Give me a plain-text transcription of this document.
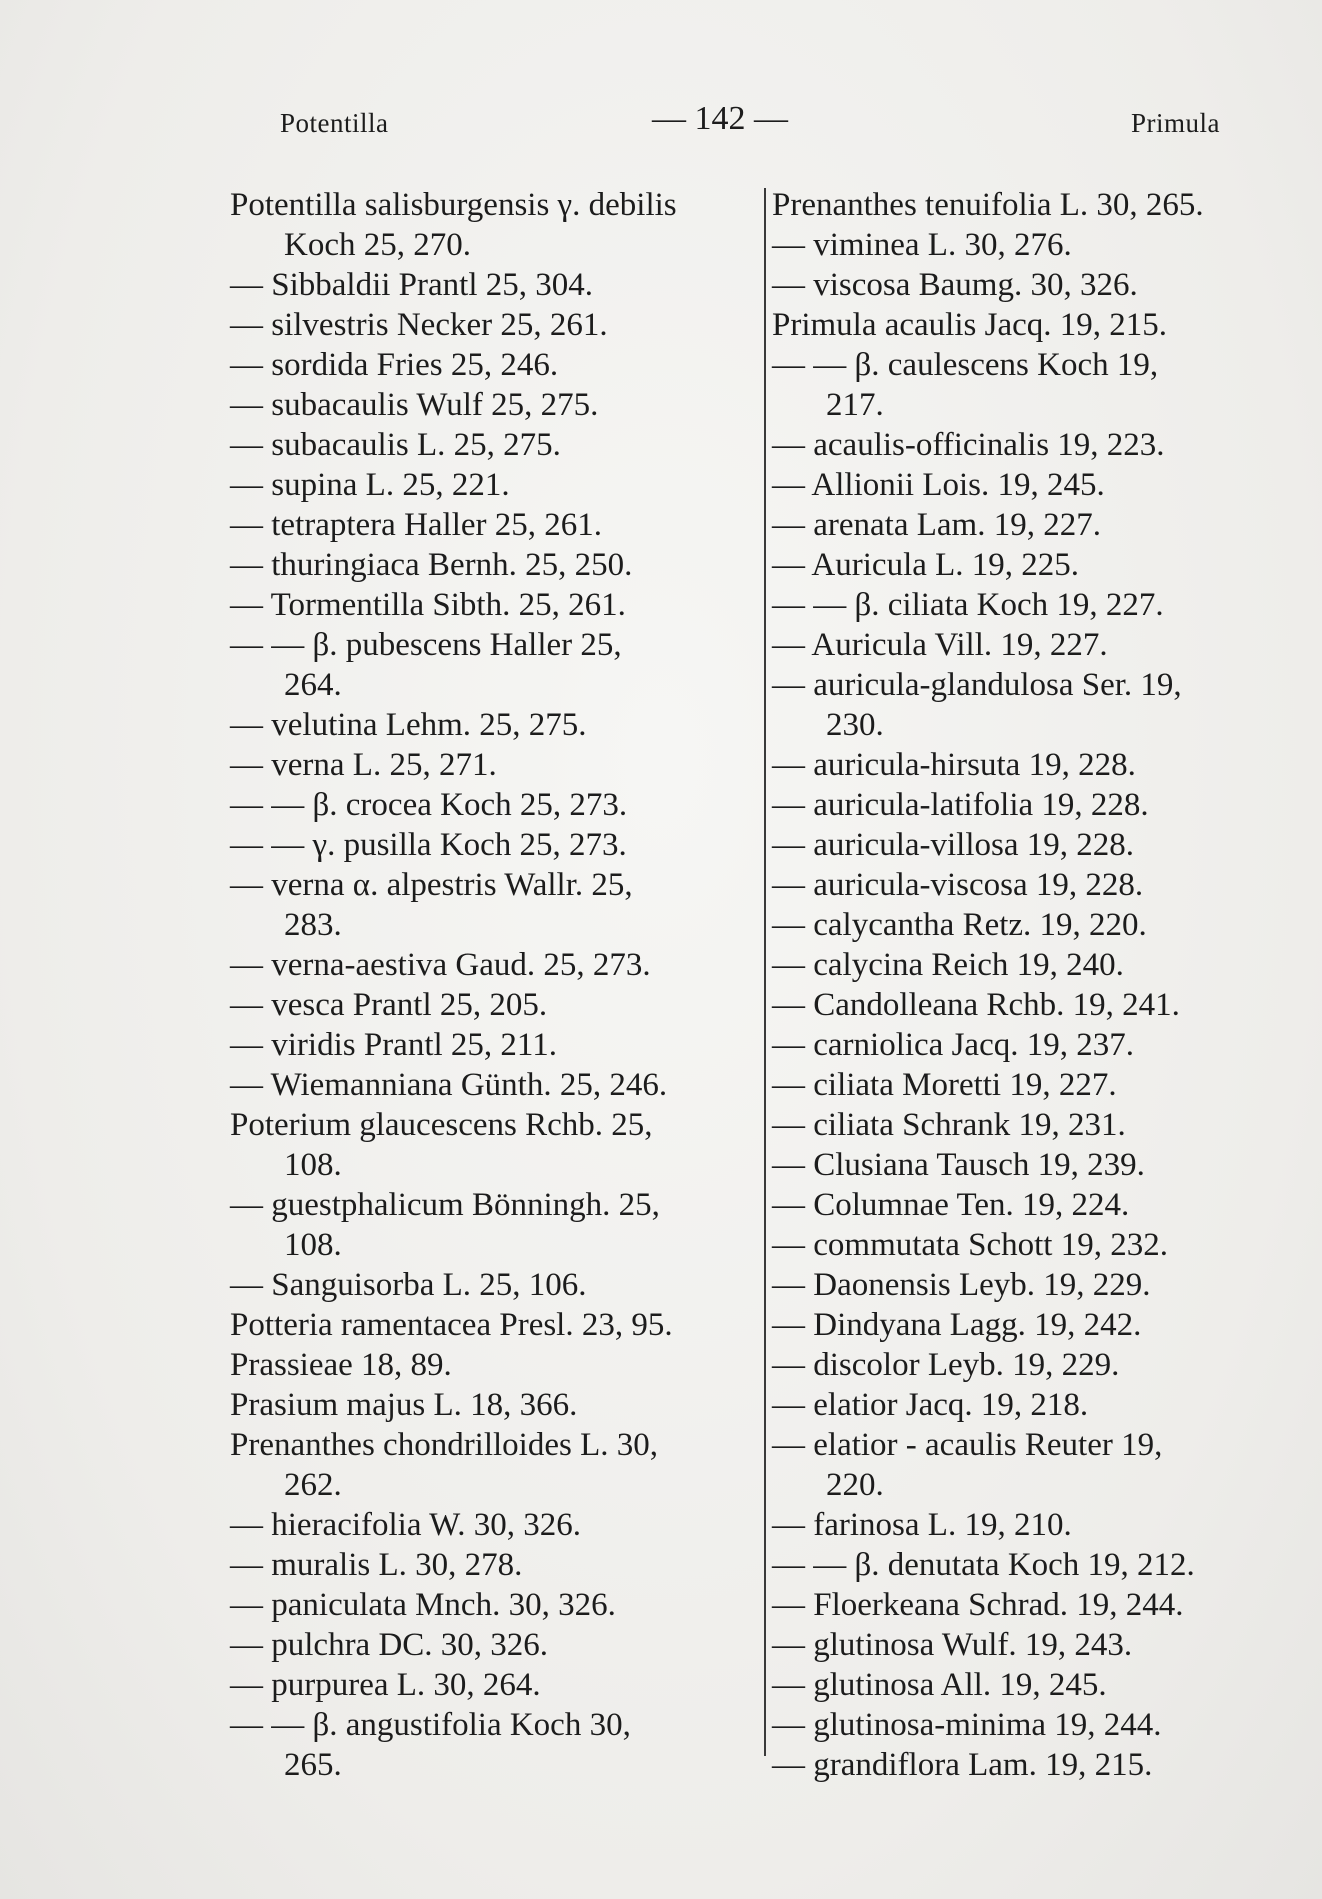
Potentilla	— 142 —	Primula
Potentilla salisburgensis γ. debilis
Koch 25, 270.
— Sibbaldii Prantl 25, 304.
— silvestris Necker 25, 261.
— sordida Fries 25, 246.
— subacaulis Wulf 25, 275.
— subacaulis L. 25, 275.
— supina L. 25, 221.
— tetraptera Haller 25, 261.
— thuringiaca Bernh. 25, 250.
— Tormentilla Sibth. 25, 261.
— — β. pubescens Haller 25,
264.
— velutina Lehm. 25, 275.
— verna L. 25, 271.
— — β. crocea Koch 25, 273.
— — γ. pusilla Koch 25, 273.
— verna α. alpestris Wallr. 25,
283.
— verna-aestiva Gaud. 25, 273.
— vesca Prantl 25, 205.
— viridis Prantl 25, 211.
— Wiemanniana Günth. 25, 246.
Poterium glaucescens Rchb. 25,
108.
— guestphalicum Bönningh. 25,
108.
— Sanguisorba L. 25, 106.
Potteria ramentacea Presl. 23, 95.
Prassieae 18, 89.
Prasium majus L. 18, 366.
Prenanthes chondrilloides L. 30,
262.
— hieracifolia W. 30, 326.
— muralis L. 30, 278.
— paniculata Mnch. 30, 326.
— pulchra DC. 30, 326.
— purpurea L. 30, 264.
— — β. angustifolia Koch 30,
265.
Prenanthes tenuifolia L. 30, 265.
— viminea L. 30, 276.
— viscosa Baumg. 30, 326.
Primula acaulis Jacq. 19, 215.
— — β. caulescens Koch 19,
217.
— acaulis-officinalis 19, 223.
— Allionii Lois. 19, 245.
— arenata Lam. 19, 227.
— Auricula L. 19, 225.
— — β. ciliata Koch 19, 227.
— Auricula Vill. 19, 227.
— auricula-glandulosa Ser. 19,
230.
— auricula-hirsuta 19, 228.
— auricula-latifolia 19, 228.
— auricula-villosa 19, 228.
— auricula-viscosa 19, 228.
— calycantha Retz. 19, 220.
— calycina Reich 19, 240.
— Candolleana Rchb. 19, 241.
— carniolica Jacq. 19, 237.
— ciliata Moretti 19, 227.
— ciliata Schrank 19, 231.
— Clusiana Tausch 19, 239.
— Columnae Ten. 19, 224.
— commutata Schott 19, 232.
— Daonensis Leyb. 19, 229.
— Dindyana Lagg. 19, 242.
— discolor Leyb. 19, 229.
— elatior Jacq. 19, 218.
— elatior - acaulis Reuter 19,
220.
— farinosa L. 19, 210.
— — β. denutata Koch 19, 212.
— Floerkeana Schrad. 19, 244.
— glutinosa Wulf. 19, 243.
— glutinosa All. 19, 245.
— glutinosa-minima 19, 244.
— grandiflora Lam. 19, 215.
